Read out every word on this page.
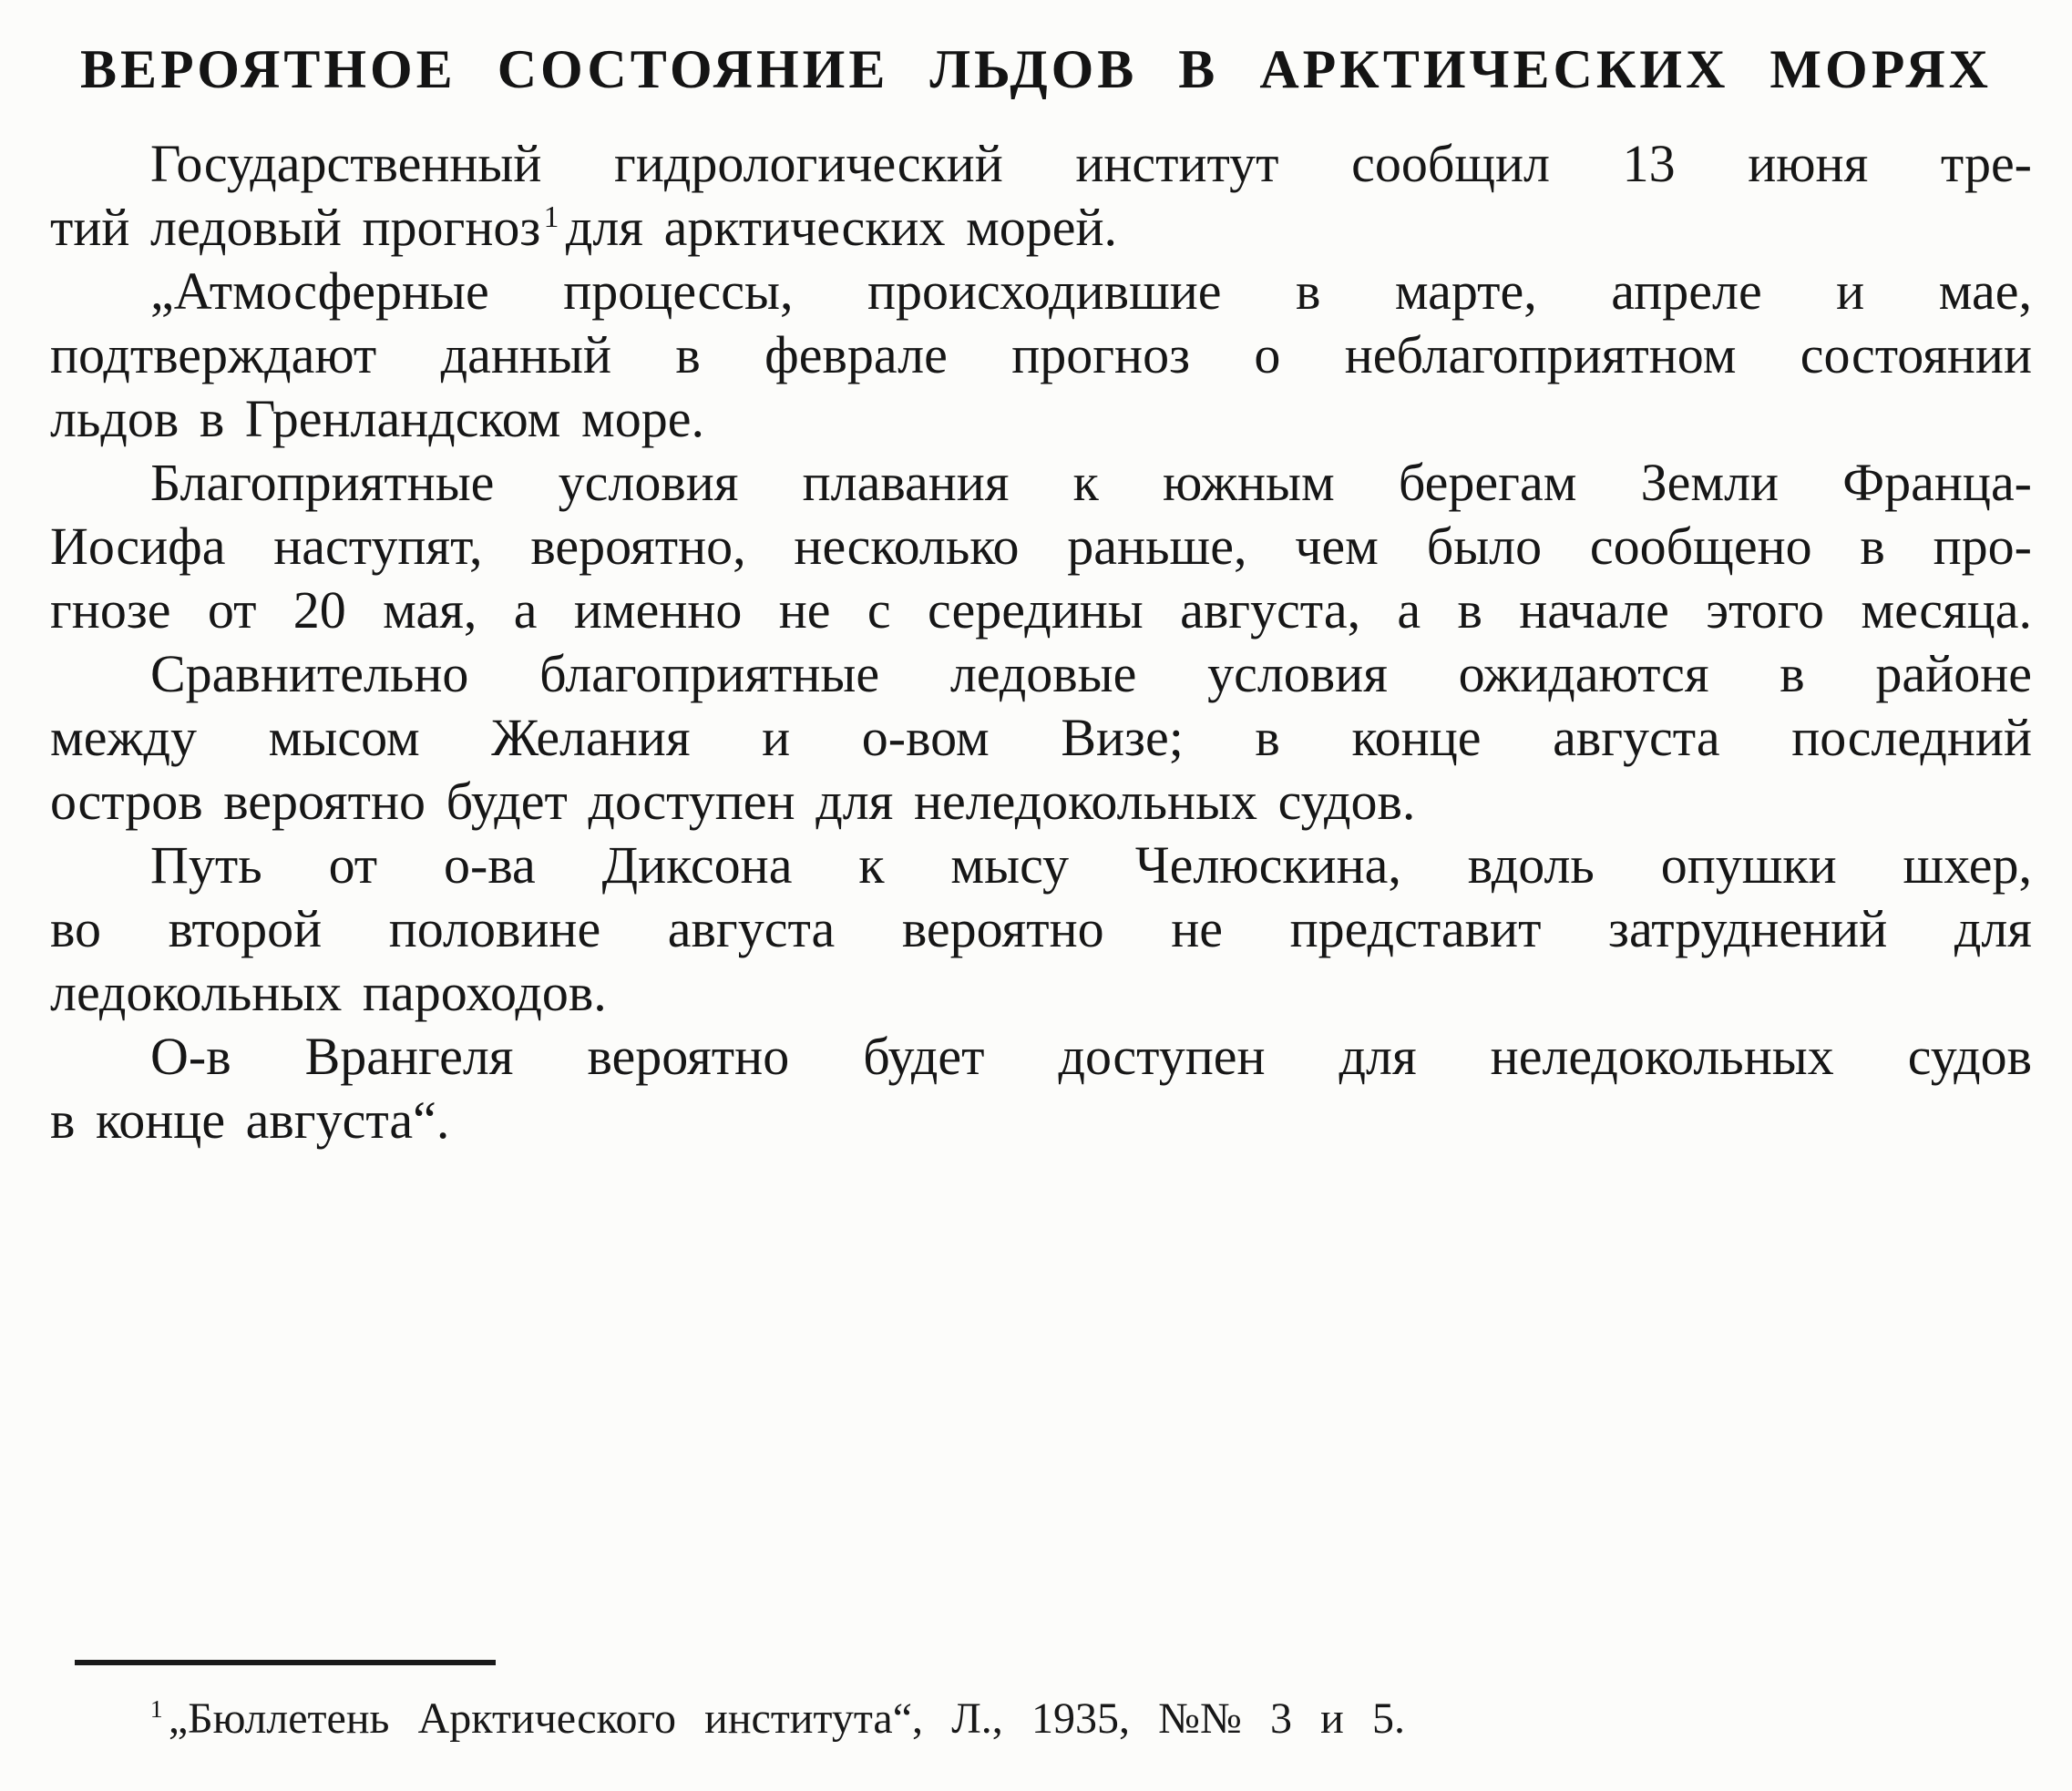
ВЕРОЯТНОЕ СОСТОЯНИЕ ЛЬДОВ В АРКТИЧЕСКИХ МОРЯХ
Государственный гидрологический институт сообщил 13 июня тре-
тий ледовый прогноз$^1$ для арктических морей.
„Атмосферные процессы, происходившие в марте, апреле и мае,
подтверждают данный в феврале прогноз о неблагоприятном состоянии
льдов в Гренландском море.
Благоприятные условия плавания к южным берегам Земли Франца-
Иосифа наступят, вероятно, несколько раньше, чем было сообщено в про-
гнозе от 20 мая, а именно не с середины августа, а в начале этого месяца.
Сравнительно благоприятные ледовые условия ожидаются в районе
между мысом Желания и о-вом Визе; в конце августа последний
остров вероятно будет доступен для неледокольных судов.
Путь от о-ва Диксона к мысу Челюскина, вдоль опушки шхер,
во второй половине августа вероятно не представит затруднений для
ледокольных пароходов.
О-в Врангеля вероятно будет доступен для неледокольных судов
в конце августа“.
$^1$ „Бюллетень Арктического института“, Л., 1935, №№ 3 и 5.
